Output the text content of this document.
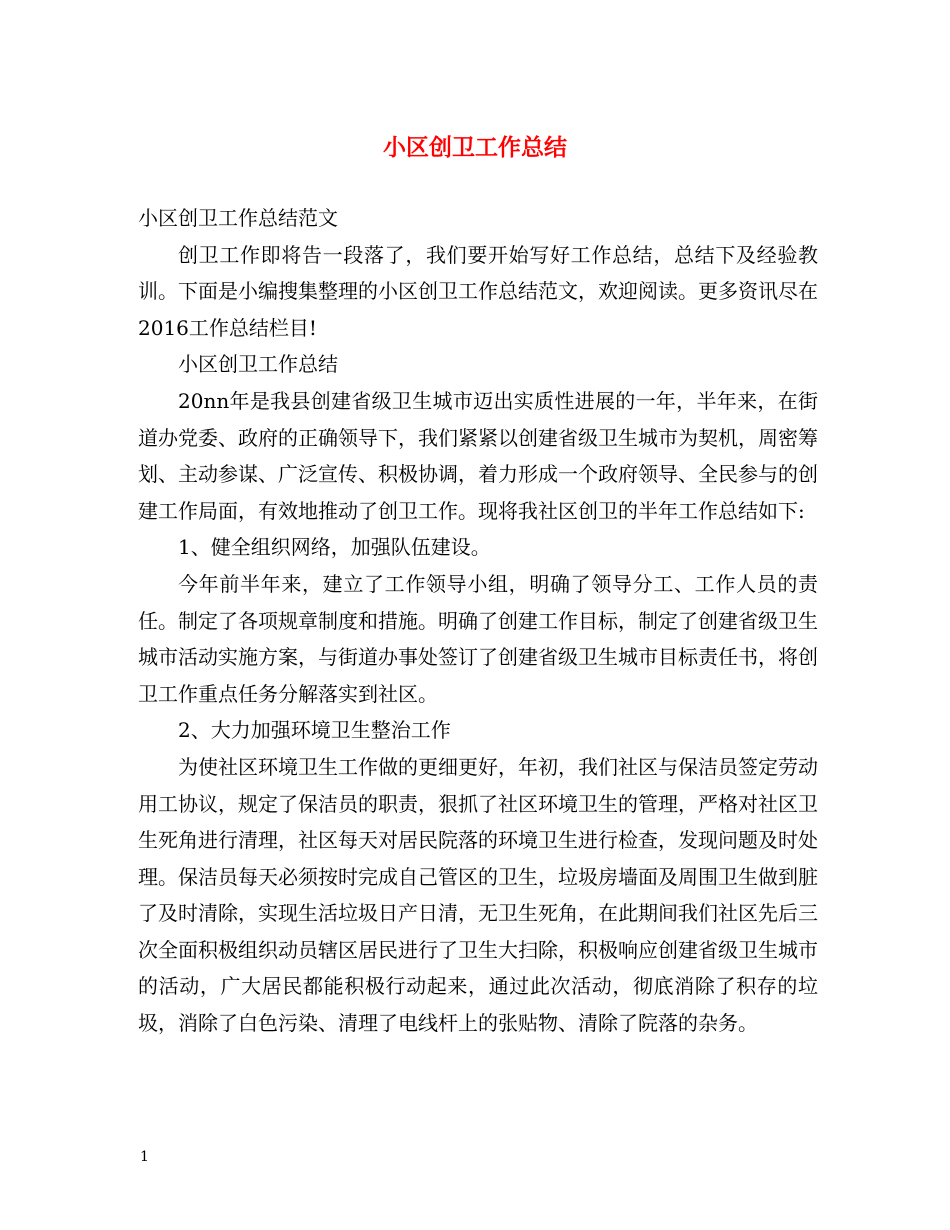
小区创卫工作总结

小区创卫工作总结范文

创卫工作即将告一段落了，我们要开始写好工作总结，总结下及经验教训。下面是小编搜集整理的小区创卫工作总结范文，欢迎阅读。更多资讯尽在2016工作总结栏目!

小区创卫工作总结

20nn年是我县创建省级卫生城市迈出实质性进展的一年，半年来，在街道办党委、政府的正确领导下，我们紧紧以创建省级卫生城市为契机，周密筹划、主动参谋、广泛宣传、积极协调，着力形成一个政府领导、全民参与的创建工作局面，有效地推动了创卫工作。现将我社区创卫的半年工作总结如下:

1、健全组织网络，加强队伍建设。

今年前半年来，建立了工作领导小组，明确了领导分工、工作人员的责任。制定了各项规章制度和措施。明确了创建工作目标，制定了创建省级卫生城市活动实施方案，与街道办事处签订了创建省级卫生城市目标责任书，将创卫工作重点任务分解落实到社区。

2、大力加强环境卫生整治工作

为使社区环境卫生工作做的更细更好，年初，我们社区与保洁员签定劳动用工协议，规定了保洁员的职责，狠抓了社区环境卫生的管理，严格对社区卫生死角进行清理，社区每天对居民院落的环境卫生进行检查，发现问题及时处理。保洁员每天必须按时完成自己管区的卫生，垃圾房墙面及周围卫生做到脏了及时清除，实现生活垃圾日产日清，无卫生死角，在此期间我们社区先后三次全面积极组织动员辖区居民进行了卫生大扫除，积极响应创建省级卫生城市的活动，广大居民都能积极行动起来，通过此次活动，彻底消除了积存的垃圾，消除了白色污染、清理了电线杆上的张贴物、清除了院落的杂务。

1
